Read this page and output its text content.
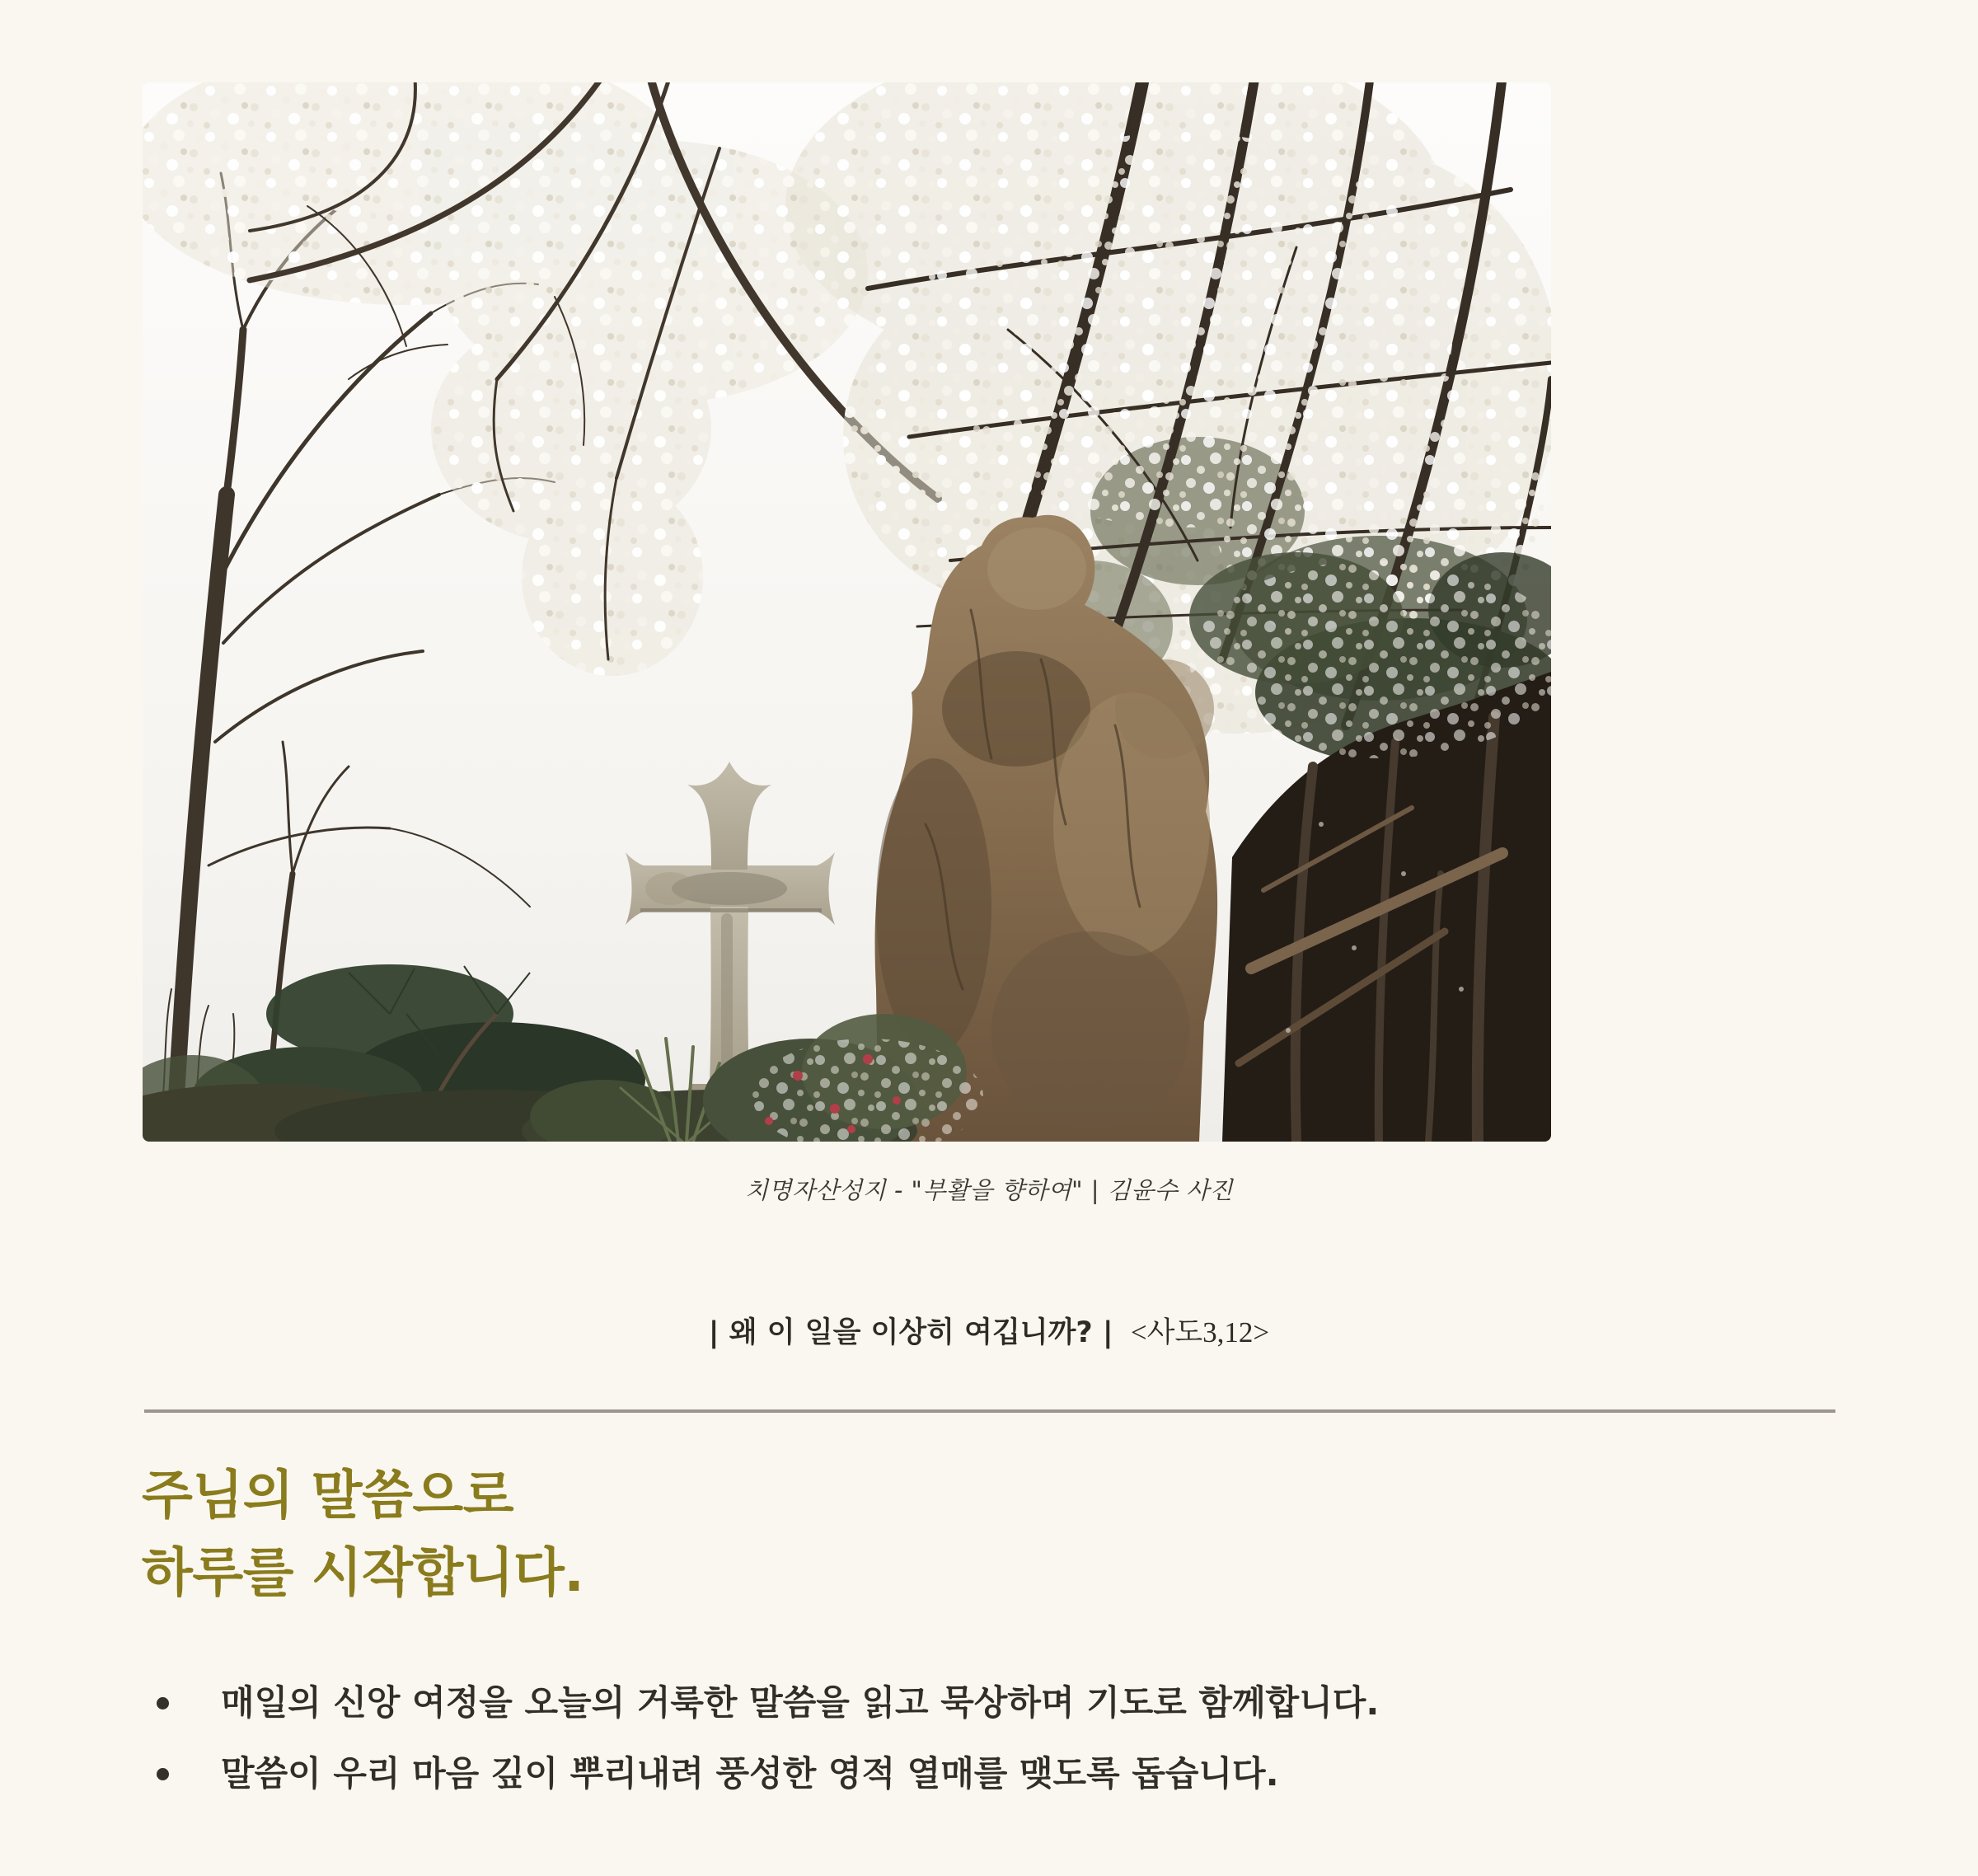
치명자산성지 - "부활을 향하여" | 김윤수 사진

| 왜 이 일을 이상히 여깁니까? | <사도3,12>

주님의 말씀으로
하루를 시작합니다.
매일의 신앙 여정을 오늘의 거룩한 말씀을 읽고 묵상하며 기도로 함께합니다.
말씀이 우리 마음 깊이 뿌리내려 풍성한 영적 열매를 맺도록 돕습니다.
